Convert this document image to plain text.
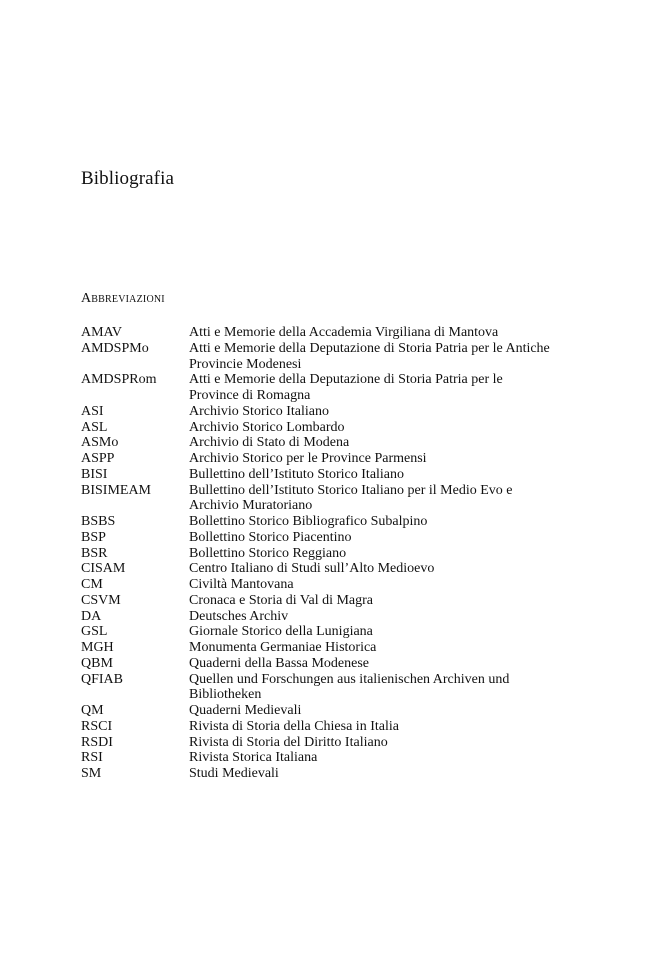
Bibliografia
Abbreviazioni
AMAV	Atti e Memorie della Accademia Virgiliana di Mantova
AMDSPMo	Atti e Memorie della Deputazione di Storia Patria per le Antiche Provincie Modenesi
AMDSPRom	Atti e Memorie della Deputazione di Storia Patria per le Province di Romagna
ASI	Archivio Storico Italiano
ASL	Archivio Storico Lombardo
ASMo	Archivio di Stato di Modena
ASPP	Archivio Storico per le Province Parmensi
BISI	Bullettino dell’Istituto Storico Italiano
BISIMEAM	Bullettino dell’Istituto Storico Italiano per il Medio Evo e Archivio Muratoriano
BSBS	Bollettino Storico Bibliografico Subalpino
BSP	Bollettino Storico Piacentino
BSR	Bollettino Storico Reggiano
CISAM	Centro Italiano di Studi sull’Alto Medioevo
CM	Civiltà Mantovana
CSVM	Cronaca e Storia di Val di Magra
DA	Deutsches Archiv
GSL	Giornale Storico della Lunigiana
MGH	Monumenta Germaniae Historica
QBM	Quaderni della Bassa Modenese
QFIAB	Quellen und Forschungen aus italienischen Archiven und Bibliotheken
QM	Quaderni Medievali
RSCI	Rivista di Storia della Chiesa in Italia
RSDI	Rivista di Storia del Diritto Italiano
RSI	Rivista Storica Italiana
SM	Studi Medievali
